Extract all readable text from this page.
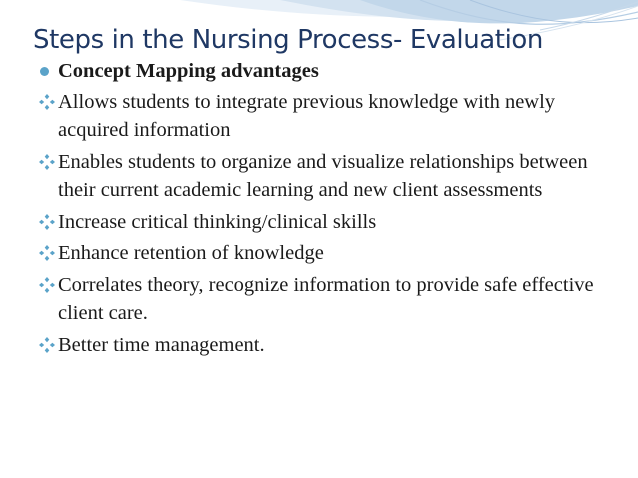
Steps in the Nursing Process- Evaluation
Concept Mapping advantages
Allows students to integrate previous knowledge with newly acquired information
Enables students to organize and visualize relationships between their current academic learning and new client assessments
Increase critical thinking/clinical skills
Enhance retention of knowledge
Correlates theory, recognize information to provide safe effective client care.
Better time management.
